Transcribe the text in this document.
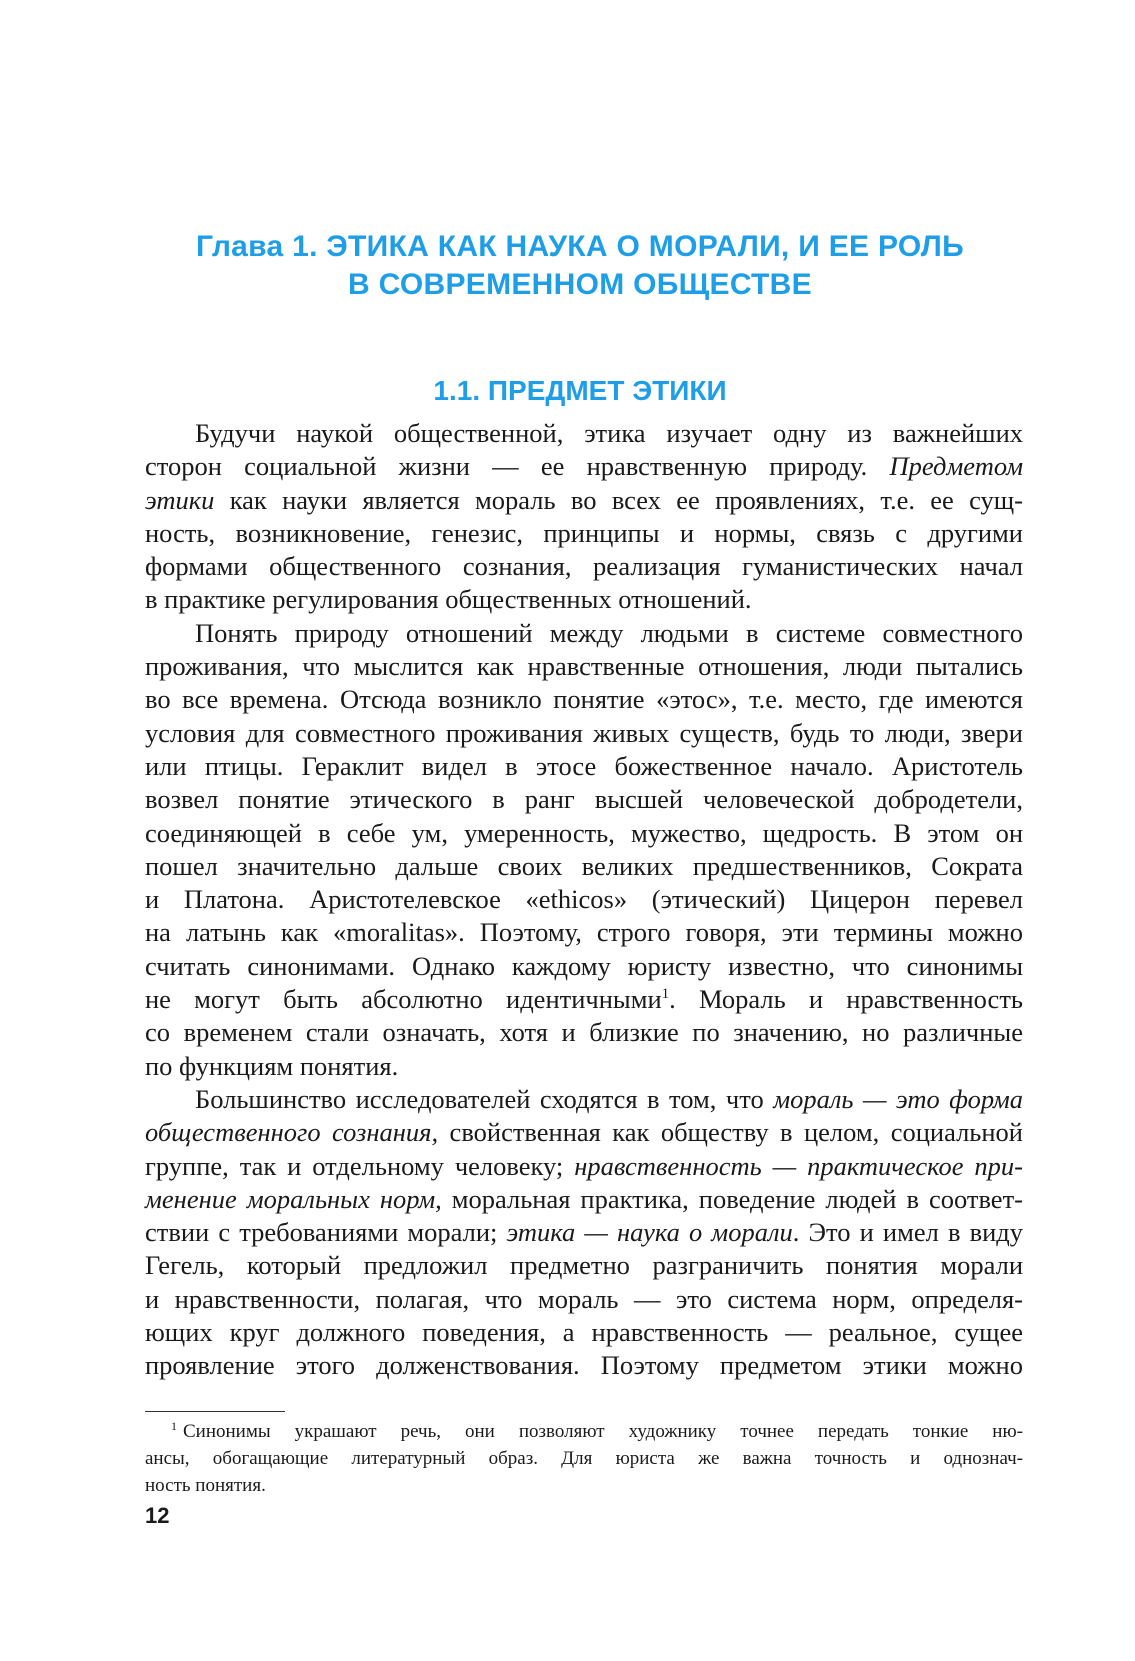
Глава 1. ЭТИКА КАК НАУКА О МОРАЛИ, И ЕЕ РОЛЬ
В СОВРЕМЕННОМ ОБЩЕСТВЕ
1.1. ПРЕДМЕТ ЭТИКИ
Будучи наукой общественной, этика изучает одну из важнейших
сторон социальной жизни — ее нравственную природу. Предметом
этики как науки является мораль во всех ее проявлениях, т.е. ее сущ-
ность, возникновение, генезис, принципы и нормы, связь с другими
формами общественного сознания, реализация гуманистических начал
в практике регулирования общественных отношений.
Понять природу отношений между людьми в системе совместного
проживания, что мыслится как нравственные отношения, люди пытались
во все времена. Отсюда возникло понятие «этос», т.е. место, где имеются
условия для совместного проживания живых существ, будь то люди, звери
или птицы. Гераклит видел в этосе божественное начало. Аристотель
возвел понятие этического в ранг высшей человеческой добродетели,
соединяющей в себе ум, умеренность, мужество, щедрость. В этом он
пошел значительно дальше своих великих предшественников, Сократа
и Платона. Аристотелевское «ethicos» (этический) Цицерон перевел
на латынь как «moralitas». Поэтому, строго говоря, эти термины можно
считать синонимами. Однако каждому юристу известно, что синонимы
не могут быть абсолютно идентичными$^1$. Мораль и нравственность
со временем стали означать, хотя и близкие по значению, но различные
по функциям понятия.
Большинство исследователей сходятся в том, что мораль — это форма
общественного сознания, свойственная как обществу в целом, социальной
группе, так и отдельному человеку; нравственность — практическое при-
менение моральных норм, моральная практика, поведение людей в соответ-
ствии с требованиями морали; этика — наука о морали. Это и имел в виду
Гегель, который предложил предметно разграничить понятия морали
и нравственности, полагая, что мораль — это система норм, определя-
ющих круг должного поведения, а нравственность — реальное, сущее
проявление этого долженствования. Поэтому предметом этики можно
$^1$ Синонимы украшают речь, они позволяют художнику точнее передать тонкие ню-
ансы, обогащающие литературный образ. Для юриста же важна точность и однознач-
ность понятия.
12
